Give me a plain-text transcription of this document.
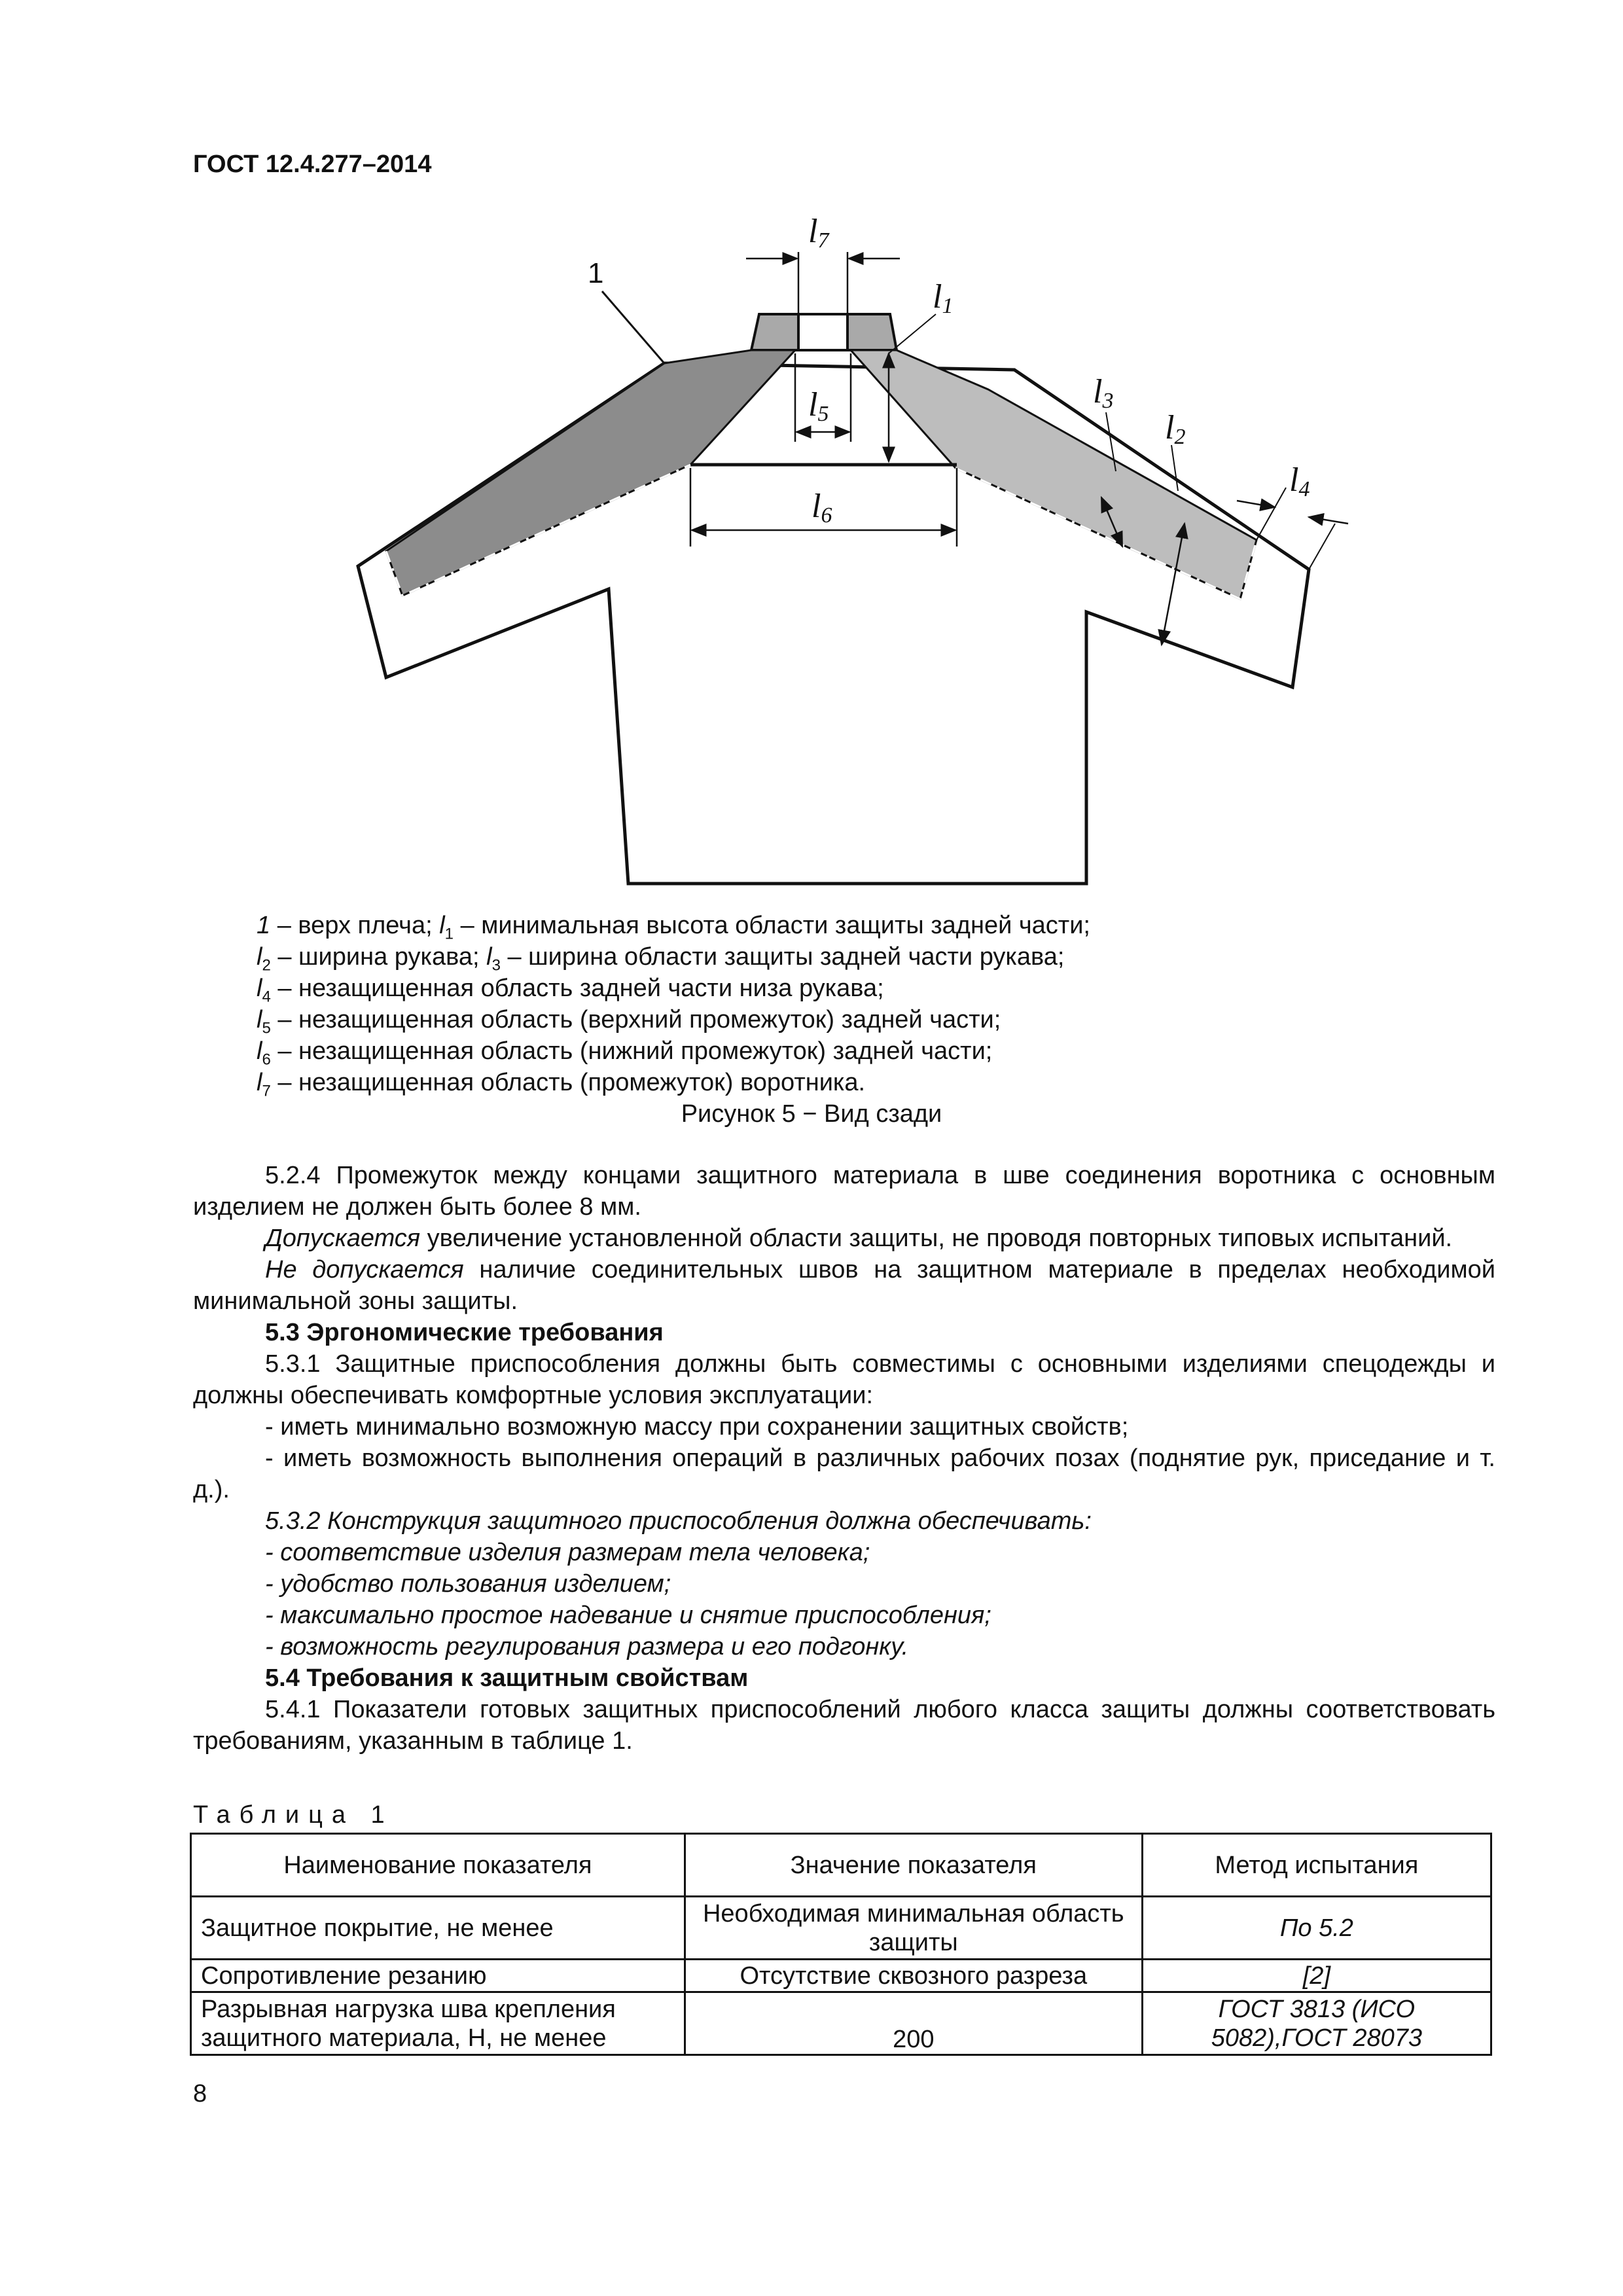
ГОСТ 12.4.277–2014
1
l7
l1
l5
l6
l3
l2
l4
1 – верх плеча; $l_1$ – минимальная высота области защиты задней части;
$l_2$ – ширина рукава; $l_3$ – ширина области защиты задней части рукава;
$l_4$ – незащищенная область задней части низа рукава;
$l_5$ – незащищенная область (верхний промежуток) задней части;
$l_6$ – незащищенная область (нижний промежуток) задней части;
$l_7$ – незащищенная область (промежуток) воротника.
Рисунок 5 − Вид сзади

5.2.4 Промежуток между концами защитного материала в шве соединения воротника с основным изделием не должен быть более 8 мм.

Допускается увеличение установленной области защиты, не проводя повторных типовых испытаний.

Не допускается наличие соединительных швов на защитном материале в пределах необходимой минимальной зоны защиты.

5.3 Эргономические требования

5.3.1 Защитные приспособления должны быть совместимы с основными изделиями спецодежды и должны обеспечивать комфортные условия эксплуатации:

- иметь минимально возможную массу при сохранении защитных свойств;

- иметь возможность выполнения операций в различных рабочих позах (поднятие рук, приседание и т. д.).

5.3.2 Конструкция защитного приспособления должна обеспечивать:

- соответствие изделия размерам тела человека;

- удобство пользования изделием;

- максимально простое надевание и снятие приспособления;

- возможность регулирования размера и его подгонку.

5.4 Требования к защитным свойствам

5.4.1 Показатели готовых защитных приспособлений любого класса защиты должны соответствовать требованиям, указанным в таблице 1.

Таблица 1
Наименование показателя	Значение показателя	Метод испытания
Защитное покрытие, не менее	Необходимая минимальная область защиты	По 5.2
Сопротивление резанию	Отсутствие сквозного разреза	[2]
Разрывная нагрузка шва крепления защитного материала, Н, не менее	200	ГОСТ 3813 (ИСО 5082),ГОСТ 28073
8
